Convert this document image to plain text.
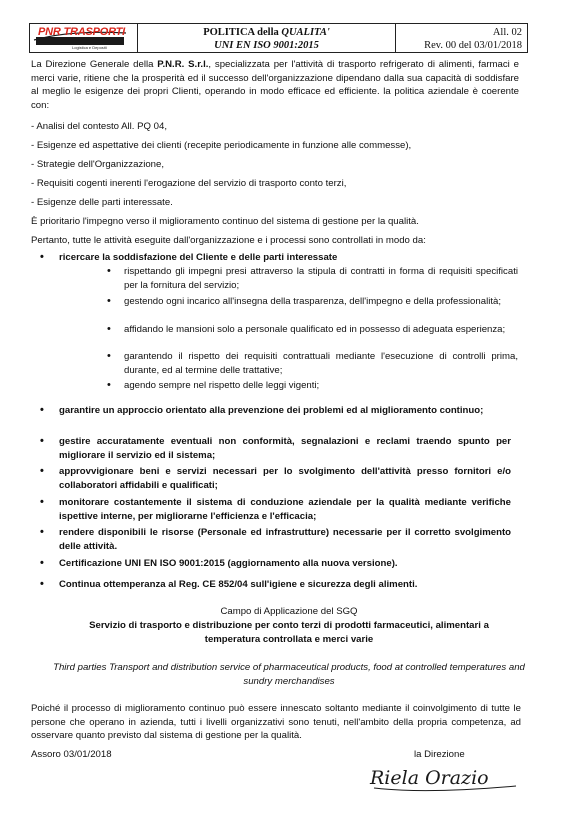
PNR TRASPORTI
Logistica e Depositi
POLITICA della QUALITA'
UNI EN ISO 9001:2015
All. 02
Rev. 00 del 03/01/2018
La Direzione Generale della P.N.R. S.r.l., specializzata per l'attività di trasporto refrigerato di alimenti, farmaci e merci varie, ritiene che la prosperità ed il successo dell'organizzazione dipendano dalla sua capacità di soddisfare al meglio le esigenze dei propri Clienti, operando in modo efficace ed efficiente. la politica aziendale è coerente con:
- Analisi del contesto All. PQ 04,
- Esigenze ed aspettative dei clienti (recepite periodicamente in funzione alle commesse),
- Strategie dell'Organizzazione,
- Requisiti cogenti inerenti l'erogazione del servizio di trasporto conto terzi,
- Esigenze delle parti interessate.
È prioritario l'impegno verso il miglioramento continuo del sistema di gestione per la qualità.
Pertanto, tutte le attività eseguite dall'organizzazione e i processi sono controllati in modo da:
• ricercare la soddisfazione del Cliente e delle parti interessate
• rispettando gli impegni presi attraverso la stipula di contratti in forma di requisiti specificati per la fornitura del servizio;
• gestendo ogni incarico all'insegna della trasparenza, dell'impegno e della professionalità;
• affidando le mansioni solo a personale qualificato ed in possesso di adeguata esperienza;
• garantendo il rispetto dei requisiti contrattuali mediante l'esecuzione di controlli prima, durante, ed al termine delle trattative;
• agendo sempre nel rispetto delle leggi vigenti;
• garantire un approccio orientato alla prevenzione dei problemi ed al miglioramento continuo;
• gestire accuratamente eventuali non conformità, segnalazioni e reclami traendo spunto per migliorare il servizio ed il sistema;
• approvvigionare beni e servizi necessari per lo svolgimento dell'attività presso fornitori e/o collaboratori affidabili e qualificati;
• monitorare costantemente il sistema di conduzione aziendale per la qualità mediante verifiche ispettive interne, per migliorarne l'efficienza e l'efficacia;
• rendere disponibili le risorse (Personale ed infrastrutture) necessarie per il corretto svolgimento delle attività.
• Certificazione UNI EN ISO 9001:2015 (aggiornamento alla nuova versione).
• Continua ottemperanza al Reg. CE 852/04 sull'igiene e sicurezza degli alimenti.
Campo di Applicazione del SGQ
Servizio di trasporto e distribuzione per conto terzi di prodotti farmaceutici, alimentari a temperatura controllata e merci varie
Third parties Transport and distribution service of pharmaceutical products, food at controlled temperatures and sundry merchandises
Poiché il processo di miglioramento continuo può essere innescato soltanto mediante il coinvolgimento di tutte le persone che operano in azienda, tutti i livelli organizzativi sono tenuti, nell'ambito della propria competenza, ad osservare quanto previsto dal sistema di gestione per la qualità.
Assoro 03/01/2018	la Direzione
Riela Orazio
